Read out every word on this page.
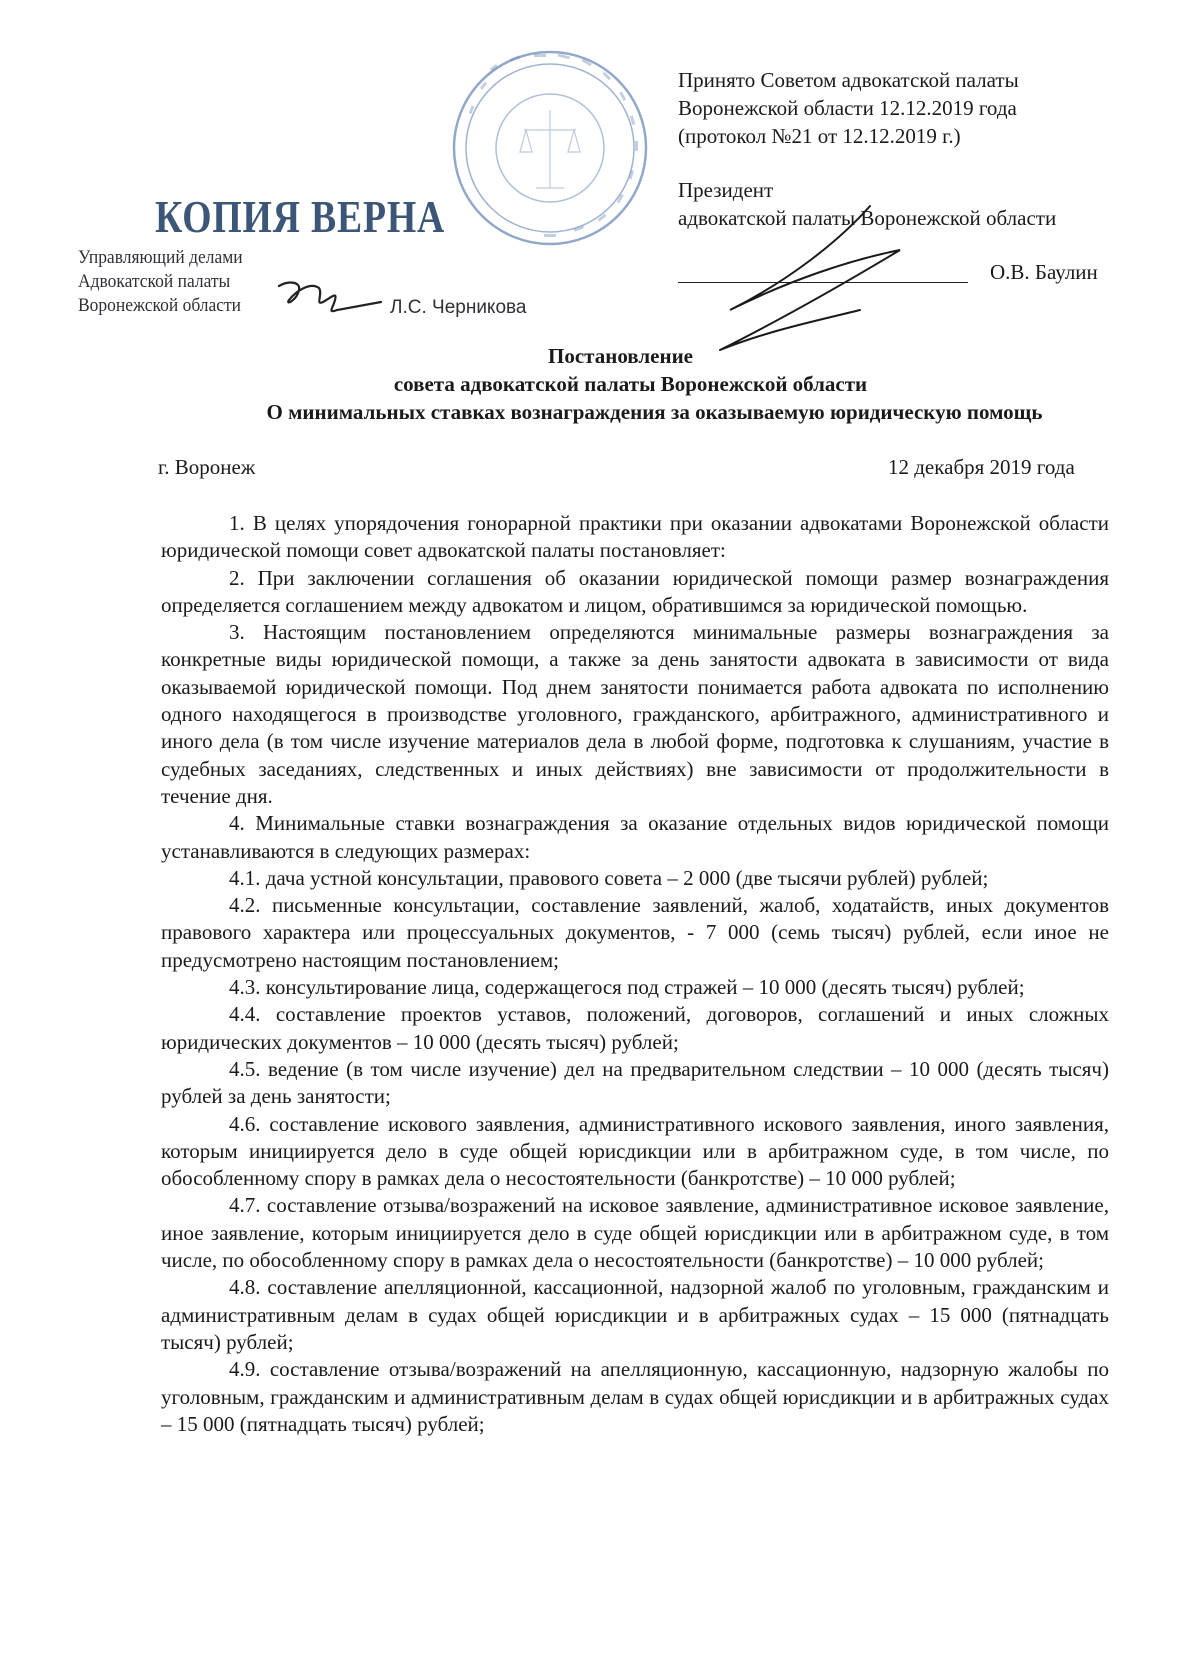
КОПИЯ ВЕРНА
Управляющий делами
Адвокатской палаты
Воронежской области	Л.С. Черникова
Принято Советом адвокатской палаты
Воронежской области 12.12.2019 года
(протокол №21 от 12.12.2019 г.)
Президент
адвокатской палаты Воронежской области
О.В. Баулин
Постановление
совета адвокатской палаты Воронежской области
О минимальных ставках вознаграждения за оказываемую юридическую помощь
г. Воронеж	12 декабря 2019 года

1. В целях упорядочения гонорарной практики при оказании адвокатами Воронежской области юридической помощи совет адвокатской палаты постановляет:

2. При заключении соглашения об оказании юридической помощи размер вознаграждения определяется соглашением между адвокатом и лицом, обратившимся за юридической помощью.

3. Настоящим постановлением определяются минимальные размеры вознаграждения за конкретные виды юридической помощи, а также за день занятости адвоката в зависимости от вида оказываемой юридической помощи. Под днем занятости понимается работа адвоката по исполнению одного находящегося в производстве уголовного, гражданского, арбитражного, административного и иного дела (в том числе изучение материалов дела в любой форме, подготовка к слушаниям, участие в судебных заседаниях, следственных и иных действиях) вне зависимости от продолжительности в течение дня.

4. Минимальные ставки вознаграждения за оказание отдельных видов юридической помощи устанавливаются в следующих размерах:

4.1. дача устной консультации, правового совета – 2 000 (две тысячи рублей) рублей;

4.2. письменные консультации, составление заявлений, жалоб, ходатайств, иных документов правового характера или процессуальных документов, - 7 000 (семь тысяч) рублей, если иное не предусмотрено настоящим постановлением;

4.3. консультирование лица, содержащегося под стражей – 10 000 (десять тысяч) рублей;

4.4. составление проектов уставов, положений, договоров, соглашений и иных сложных юридических документов – 10 000 (десять тысяч) рублей;

4.5. ведение (в том числе изучение) дел на предварительном следствии – 10 000 (десять тысяч) рублей за день занятости;

4.6. составление искового заявления, административного искового заявления, иного заявления, которым инициируется дело в суде общей юрисдикции или в арбитражном суде, в том числе, по обособленному спору в рамках дела о несостоятельности (банкротстве) – 10 000 рублей;

4.7. составление отзыва/возражений на исковое заявление, административное исковое заявление, иное заявление, которым инициируется дело в суде общей юрисдикции или в арбитражном суде, в том числе, по обособленному спору в рамках дела о несостоятельности (банкротстве) – 10 000 рублей;

4.8. составление апелляционной, кассационной, надзорной жалоб по уголовным, гражданским и административным делам в судах общей юрисдикции и в арбитражных судах – 15 000 (пятнадцать тысяч) рублей;

4.9. составление отзыва/возражений на апелляционную, кассационную, надзорную жалобы по уголовным, гражданским и административным делам в судах общей юрисдикции и в арбитражных судах – 15 000 (пятнадцать тысяч) рублей;
